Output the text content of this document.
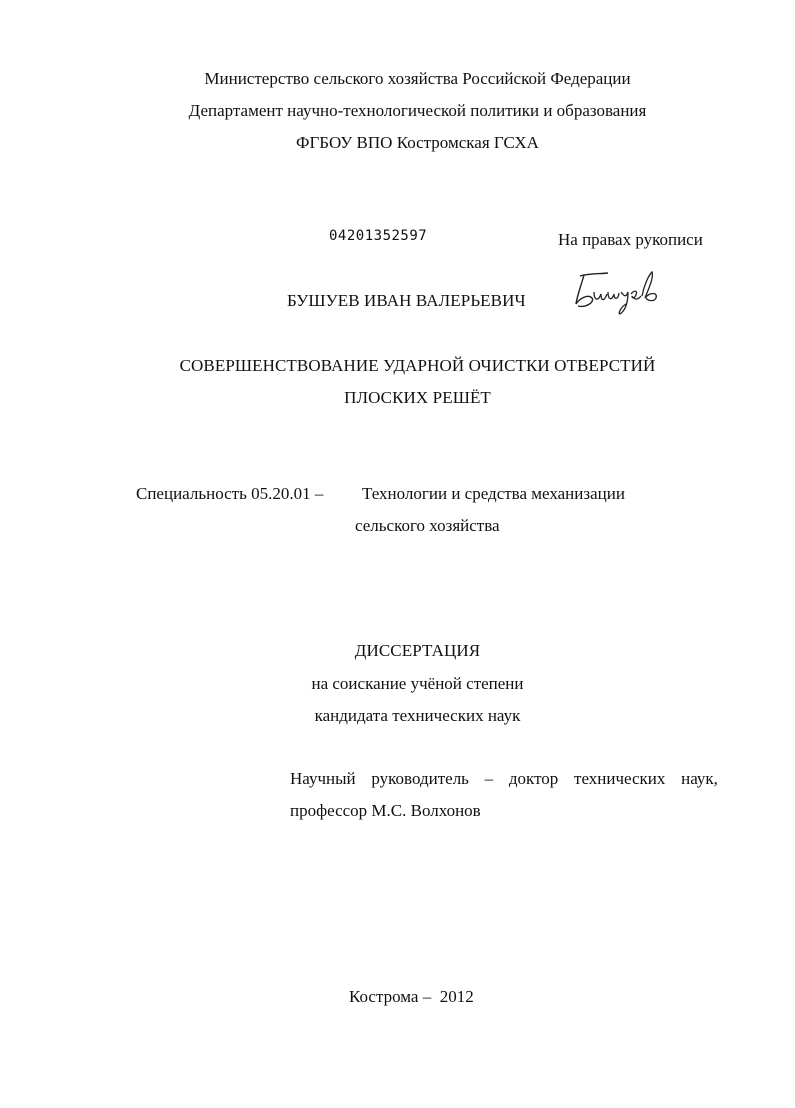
Министерство сельского хозяйства Российской Федерации
Департамент научно-технологической политики и образования
ФГБОУ ВПО Костромская ГСХА
04201352597	На правах рукописи
БУШУЕВ ИВАН ВАЛЕРЬЕВИЧ
СОВЕРШЕНСТВОВАНИЕ УДАРНОЙ ОЧИСТКИ ОТВЕРСТИЙ
ПЛОСКИХ РЕШЁТ
Специальность 05.20.01 – Технологии и средства механизации
сельского хозяйства
ДИССЕРТАЦИЯ
на соискание учёной степени
кандидата технических наук
Научный руководитель – доктор технических наук,
профессор М.С. Волхонов
Кострома –  2012
